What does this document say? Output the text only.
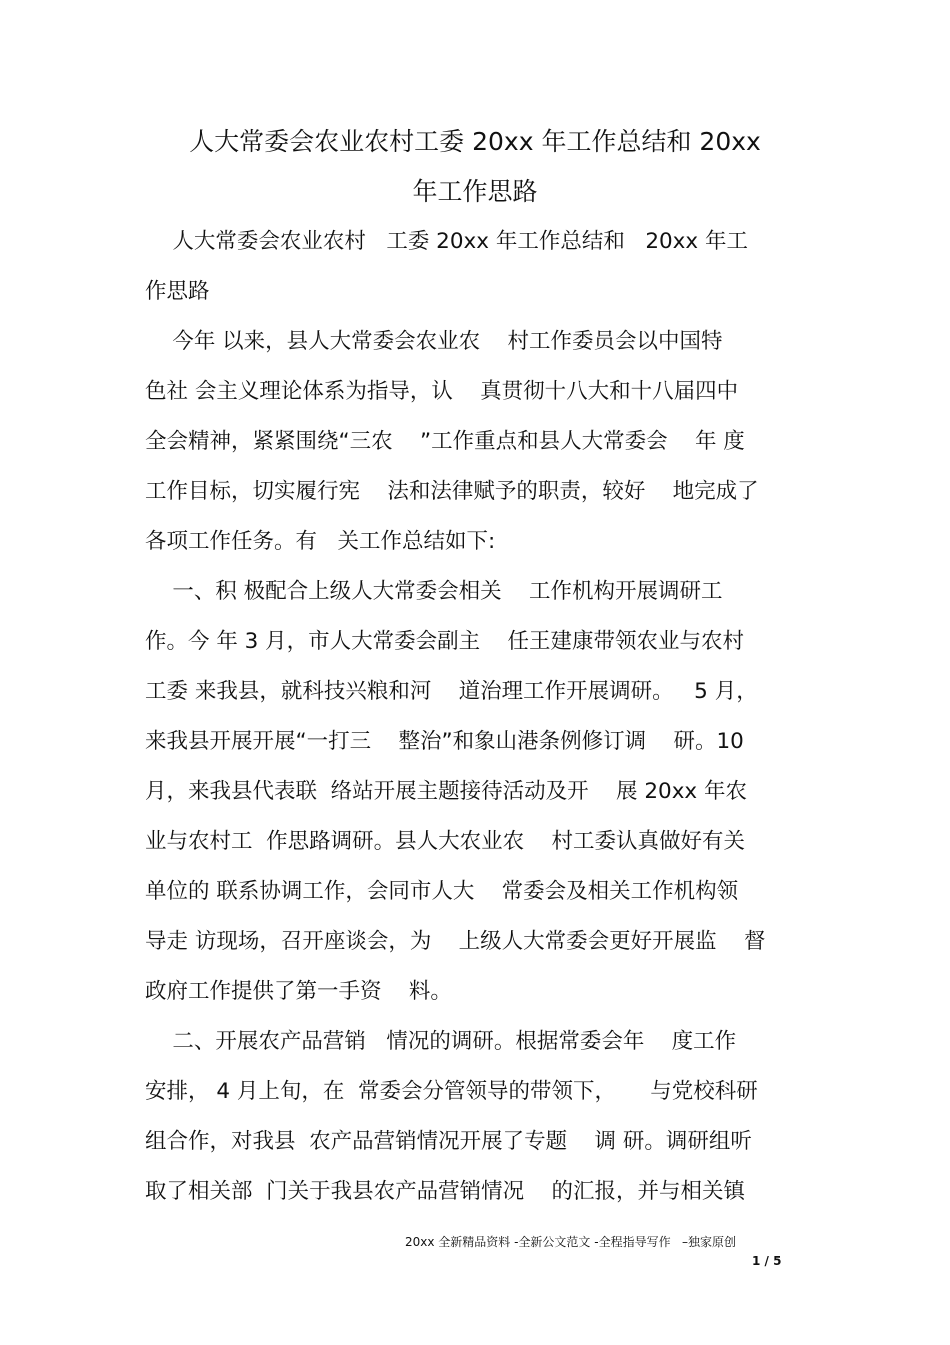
人大常委会农业农村工委 20xx 年工作总结和 20xx
年工作思路

人大常委会农业农村   工委 20xx 年工作总结和   20xx 年工

作思路

今年 以来，县人大常委会农业农    村工作委员会以中国特

色社 会主义理论体系为指导，认    真贯彻十八大和十八届四中

全会精神，紧紧围绕“三农    ”工作重点和县人大常委会    年 度

工作目标，切实履行宪    法和法律赋予的职责，较好    地完成了

各项工作任务。有   关工作总结如下:

一、积 极配合上级人大常委会相关    工作机构开展调研工

作。今 年 3 月，市人大常委会副主    任王建康带领农业与农村

工委 来我县，就科技兴粮和河    道治理工作开展调研。   5 月，

来我县开展开展“一打三    整治”和象山港条例修订调    研。10

月，来我县代表联  络站开展主题接待活动及开    展 20xx 年农

业与农村工  作思路调研。县人大农业农    村工委认真做好有关

单位的 联系协调工作，会同市人大    常委会及相关工作机构领

导走 访现场，召开座谈会，为    上级人大常委会更好开展监    督

政府工作提供了第一手资    料。

二、开展农产品营销   情况的调研。根据常委会年    度工作

安排， 4 月上旬，在  常委会分管领导的带领下，     与党校科研

组合作，对我县  农产品营销情况开展了专题    调 研。调研组听

取了相关部  门关于我县农产品营销情况    的汇报，并与相关镇

20xx 全新精品资料 -全新公文范文 -全程指导写作   –独家原创
1 / 5
